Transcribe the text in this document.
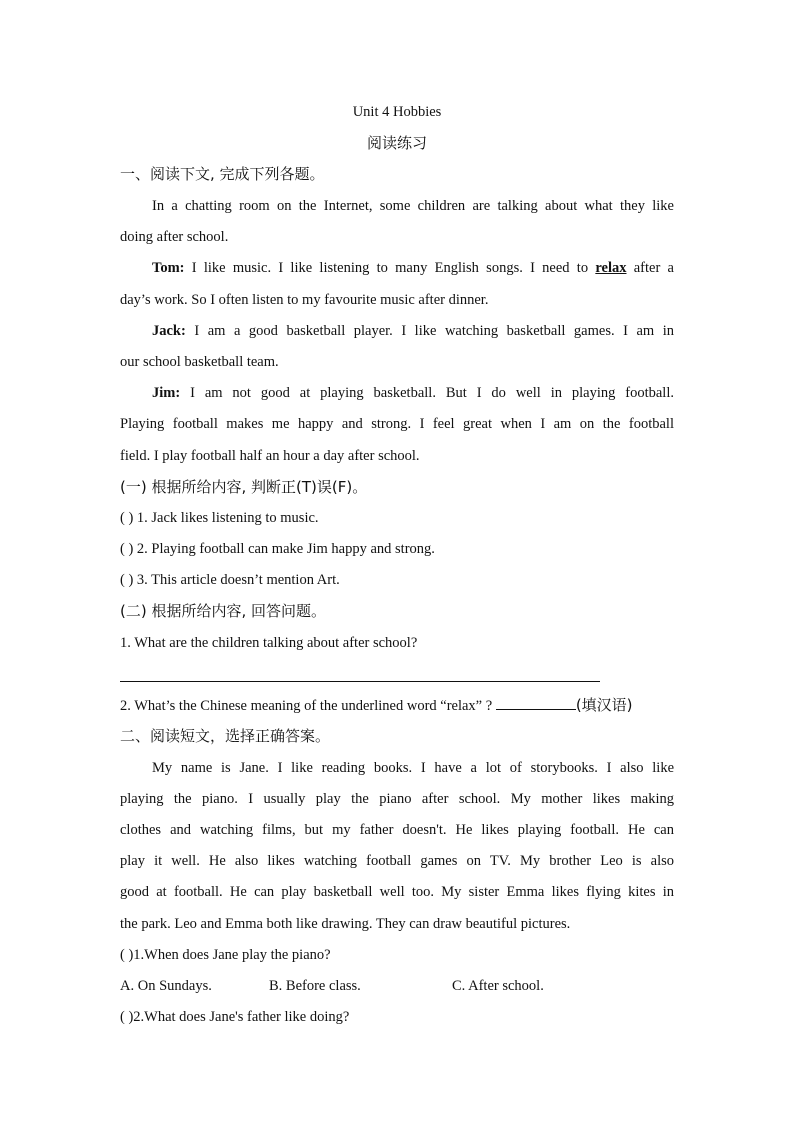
Unit 4 Hobbies
阅读练习
一、阅读下文, 完成下列各题。
In a chatting room on the Internet, some children are talking about what they like
doing after school.
Tom: I like music. I like listening to many English songs. I need to relax after a
day’s work. So I often listen to my favourite music after dinner.
Jack: I am a good basketball player. I like watching basketball games. I am in
our school basketball team.
Jim: I am not good at playing basketball. But I do well in playing football.
Playing football makes me happy and strong. I feel great when I am on the football
field. I play football half an hour a day after school.
(一) 根据所给内容, 判断正(T)误(F)。
( ) 1. Jack likes listening to music.
( ) 2. Playing football can make Jim happy and strong.
( ) 3. This article doesn’t mention Art.
(二) 根据所给内容, 回答问题。
1. What are the children talking about after school?
2. What’s the Chinese meaning of the underlined word “relax” ?	(填汉语)
二、阅读短文，选择正确答案。
My name is Jane. I like reading books. I have a lot of storybooks. I also like
playing the piano. I usually play the piano after school. My mother likes making
clothes and watching films, but my father doesn't. He likes playing football. He can
play it well. He also likes watching football games on TV. My brother Leo is also
good at football. He can play basketball well too. My sister Emma likes flying kites in
the park. Leo and Emma both like drawing. They can draw beautiful pictures.
( )1.When does Jane play the piano?
A. On Sundays.	B. Before class.	C. After school.
( )2.What does Jane's father like doing?
